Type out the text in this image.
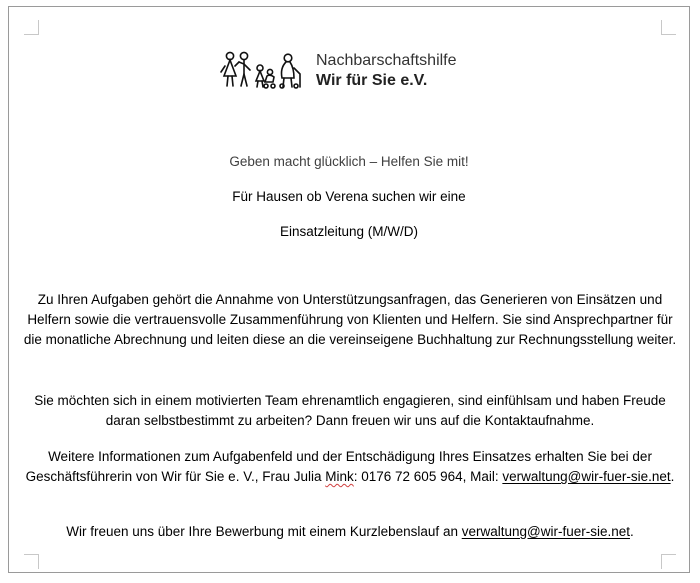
Nachbarschaftshilfe
Wir für Sie e.V.
Geben macht glücklich – Helfen Sie mit!
Für Hausen ob Verena suchen wir eine
Einsatzleitung (M/W/D)

Zu Ihren Aufgaben gehört die Annahme von Unterstützungsanfragen, das Generieren von Einsätzen und Helfern sowie die vertrauensvolle Zusammenführung von Klienten und Helfern. Sie sind Ansprechpartner für die monatliche Abrechnung und leiten diese an die vereinseigene Buchhaltung zur Rechnungsstellung weiter.

Sie möchten sich in einem motivierten Team ehrenamtlich engagieren, sind einfühlsam und haben Freude daran selbstbestimmt zu arbeiten? Dann freuen wir uns auf die Kontaktaufnahme.

Weitere Informationen zum Aufgabenfeld und der Entschädigung Ihres Einsatzes erhalten Sie bei der Geschäftsführerin von Wir für Sie e. V., Frau Julia Mink: 0176 72 605 964, Mail: verwaltung@wir-fuer-sie.net.

Wir freuen uns über Ihre Bewerbung mit einem Kurzlebenslauf an verwaltung@wir-fuer-sie.net.
